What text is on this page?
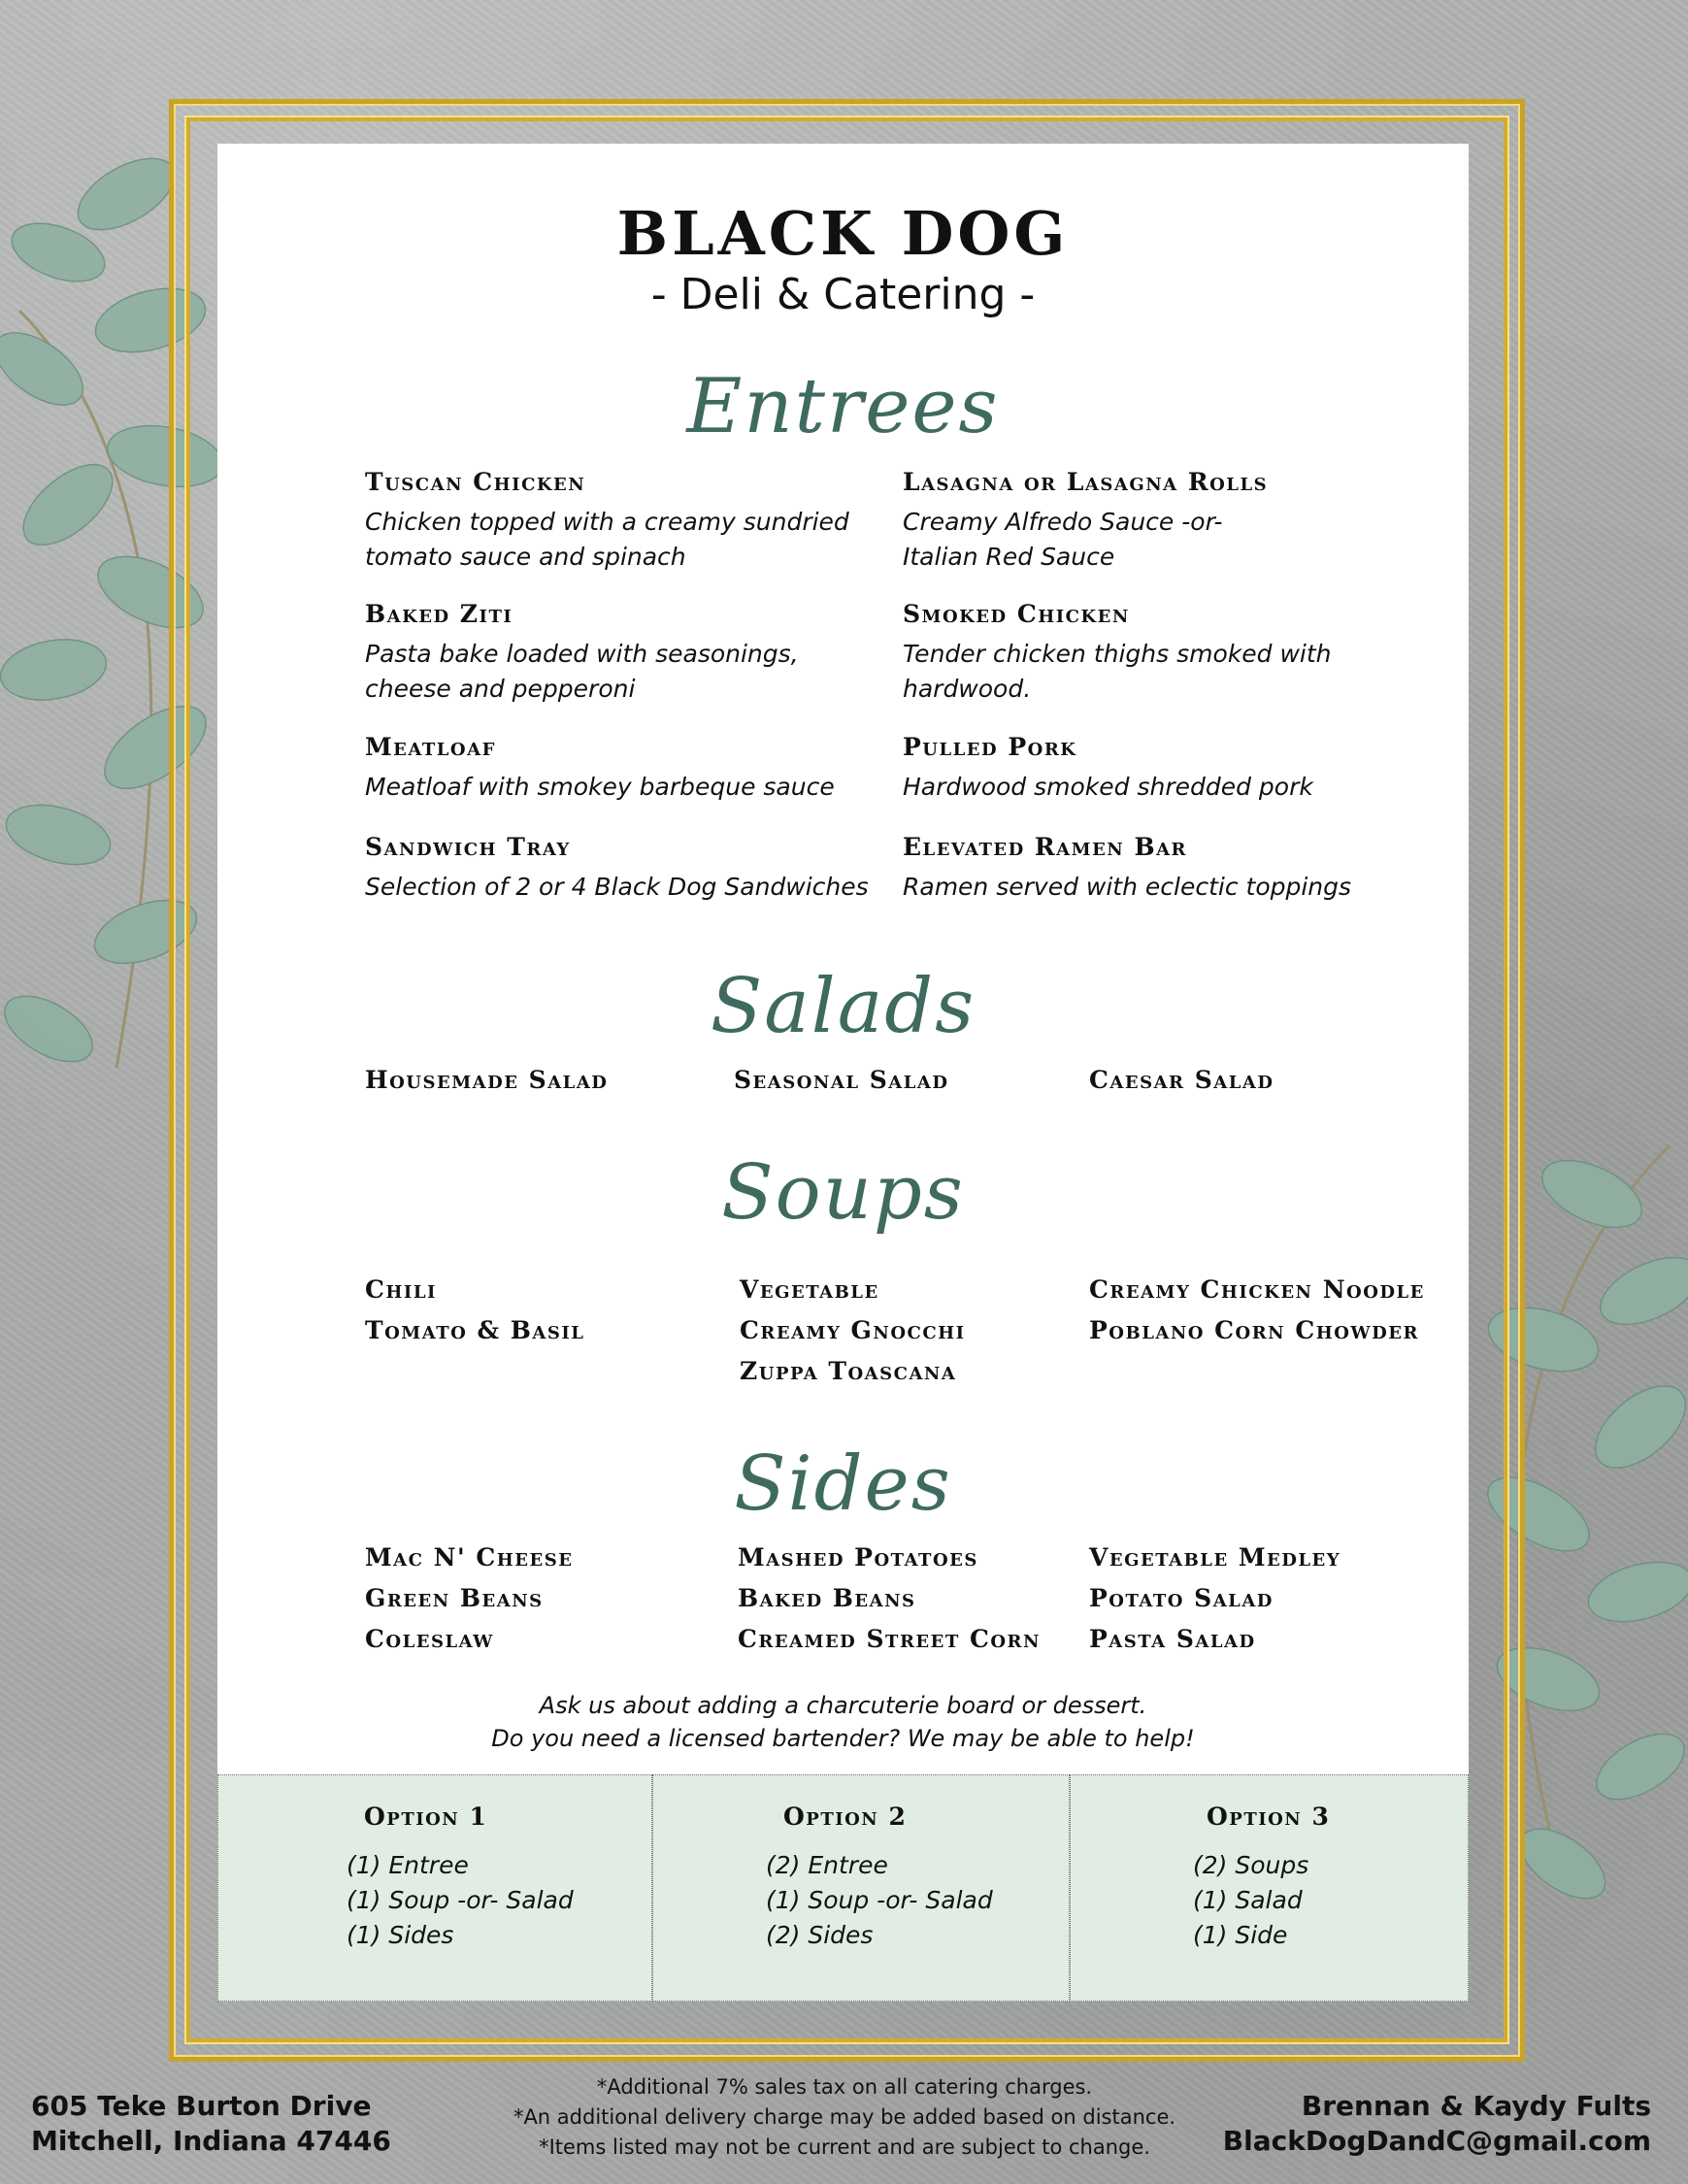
BLACK DOG
- Deli & Catering -
Entrees
Tuscan Chicken
Chicken topped with a creamy sundried
tomato sauce and spinach
Lasagna or Lasagna Rolls
Creamy Alfredo Sauce -or-
Italian Red Sauce
Baked Ziti
Pasta bake loaded with seasonings,
cheese and pepperoni
Smoked Chicken
Tender chicken thighs smoked with
hardwood.
Meatloaf
Meatloaf with smokey barbeque sauce
Pulled Pork
Hardwood smoked shredded pork
Sandwich Tray
Selection of 2 or 4 Black Dog Sandwiches
Elevated Ramen Bar
Ramen served with eclectic toppings
Salads
Housemade Salad	Seasonal Salad	Caesar Salad
Soups
Chili
Tomato & Basil
Vegetable
Creamy Gnocchi
Zuppa Toascana
Creamy Chicken Noodle
Poblano Corn Chowder
Sides
Mac N' Cheese
Green Beans
Coleslaw
Mashed Potatoes
Baked Beans
Creamed Street Corn
Vegetable Medley
Potato Salad
Pasta Salad
Ask us about adding a charcuterie board or dessert.
Do you need a licensed bartender? We may be able to help!
Option 1
(1) Entree
(1) Soup -or- Salad
(1) Sides
Option 2
(2) Entree
(1) Soup -or- Salad
(2) Sides
Option 3
(2) Soups
(1) Salad
(1) Side
605 Teke Burton Drive
Mitchell, Indiana 47446
*Additional 7% sales tax on all catering charges.
*An additional delivery charge may be added based on distance.
*Items listed may not be current and are subject to change.
Brennan & Kaydy Fults
BlackDogDandC@gmail.com
